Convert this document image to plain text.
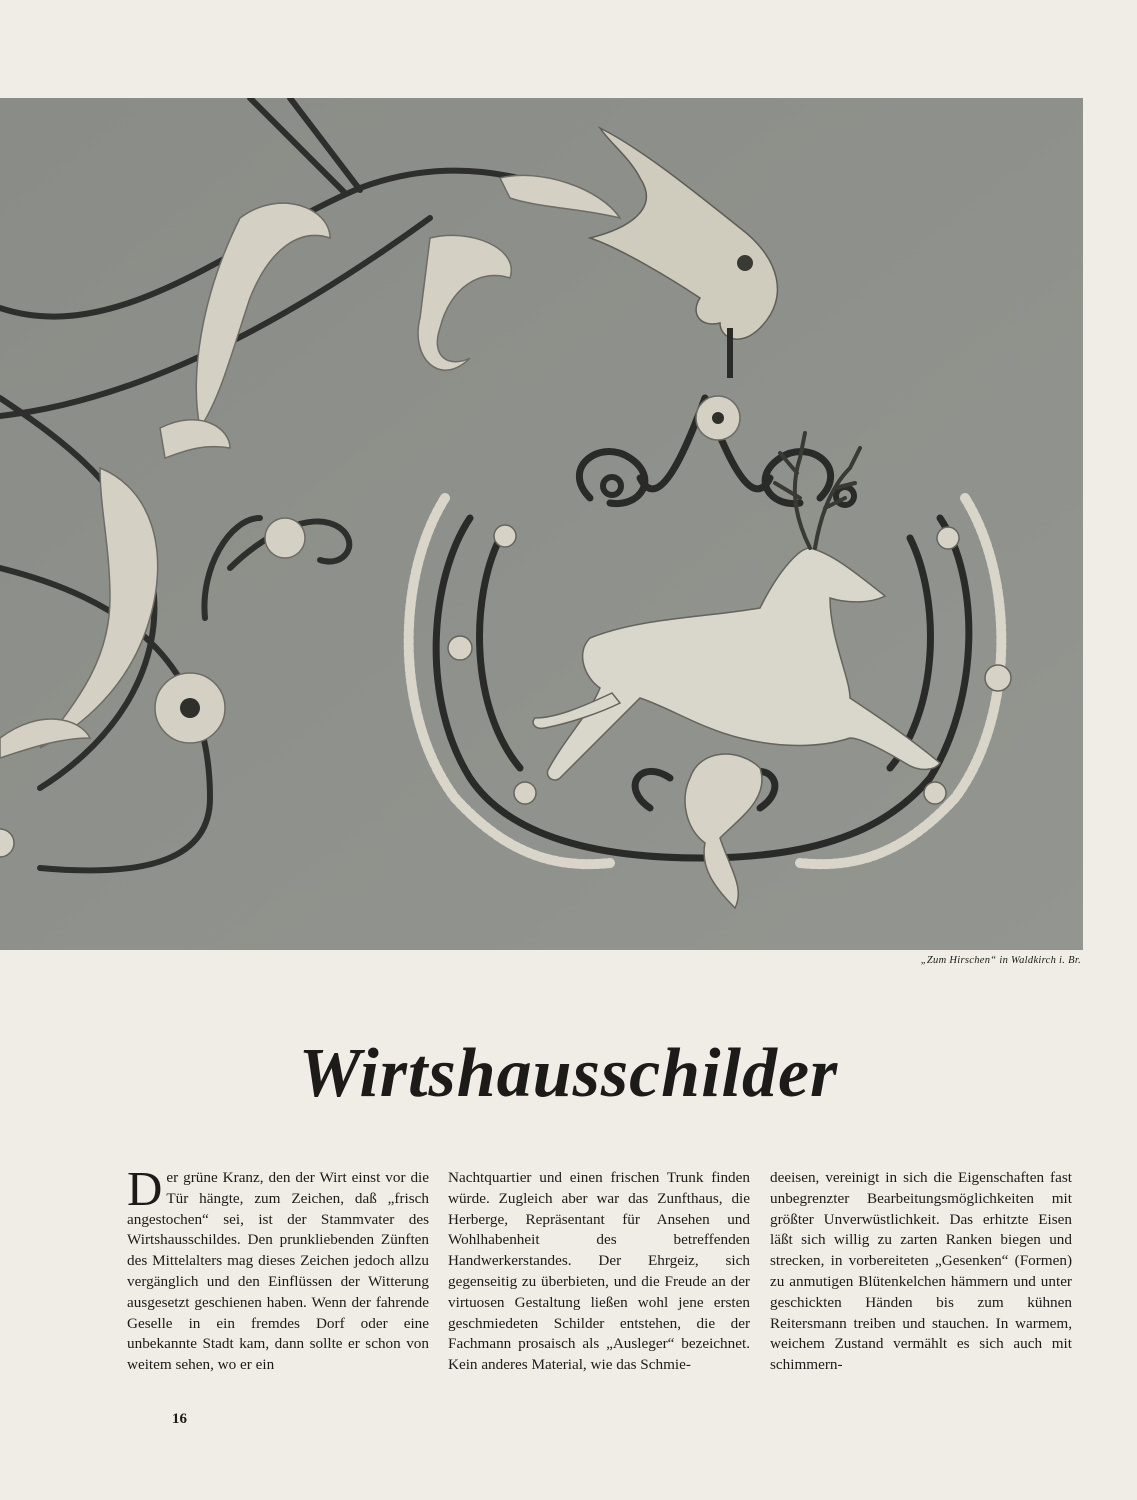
„Zum Hirschen“ in Waldkirch i. Br.
Wirtshausschilder
Der grüne Kranz, den der Wirt einst vor die Tür hängte, zum Zeichen, daß „frisch angestochen“ sei, ist der Stammvater des Wirtshausschildes. Den prunkliebenden Zünften des Mittelalters mag dieses Zeichen jedoch allzu vergänglich und den Einflüssen der Witterung ausgesetzt geschienen haben. Wenn der fahrende Geselle in ein fremdes Dorf oder eine unbekannte Stadt kam, dann sollte er schon von weitem sehen, wo er ein
Nachtquartier und einen frischen Trunk finden würde. Zugleich aber war das Zunfthaus, die Herberge, Repräsentant für Ansehen und Wohlhabenheit des betreffenden Handwerkerstandes. Der Ehrgeiz, sich gegenseitig zu überbieten, und die Freude an der virtuosen Gestaltung ließen wohl jene ersten geschmiedeten Schilder entstehen, die der Fachmann prosaisch als „Ausleger“ bezeichnet. Kein anderes Material, wie das Schmie-
deeisen, vereinigt in sich die Eigenschaften fast unbegrenzter Bearbeitungsmöglichkeiten mit größter Unverwüstlichkeit. Das erhitzte Eisen läßt sich willig zu zarten Ranken biegen und strecken, in vorbereiteten „Gesenken“ (Formen) zu anmutigen Blütenkelchen hämmern und unter geschickten Händen bis zum kühnen Reitersmann treiben und stauchen. In warmem, weichem Zustand vermählt es sich auch mit schimmern-
16
